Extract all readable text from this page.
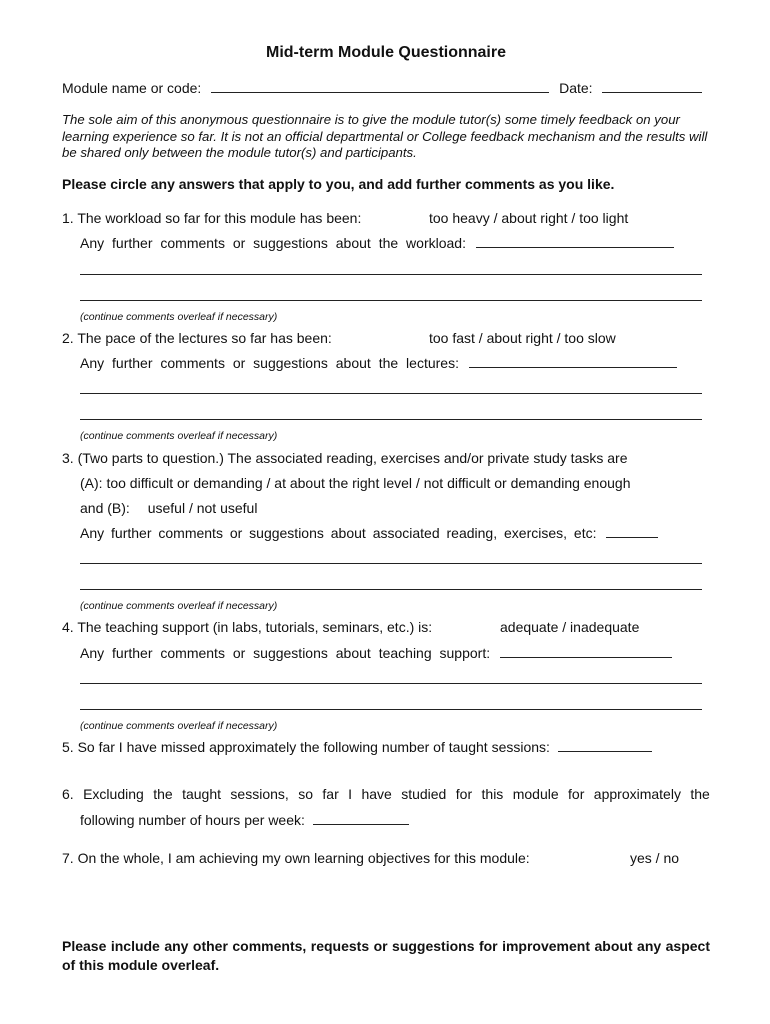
Mid-term Module Questionnaire
Module name or code:	Date:
The sole aim of this anonymous questionnaire is to give the module tutor(s) some timely feedback on your learning experience so far. It is not an official departmental or College feedback mechanism and the results will be shared only between the module tutor(s) and participants.
Please circle any answers that apply to you, and add further comments as you like.
1. The workload so far for this module has been:	too heavy / about right / too light
Any further comments or suggestions about the workload:
(continue comments overleaf if necessary)
2. The pace of the lectures so far has been:	too fast / about right / too slow
Any further comments or suggestions about the lectures:
(continue comments overleaf if necessary)
3. (Two parts to question.) The associated reading, exercises and/or private study tasks are
(A): too difficult or demanding / at about the right level / not difficult or demanding enough
and (B): useful / not useful
Any further comments or suggestions about associated reading, exercises, etc:
(continue comments overleaf if necessary)
4. The teaching support (in labs, tutorials, seminars, etc.) is:	adequate / inadequate
Any further comments or suggestions about teaching support:
(continue comments overleaf if necessary)
5. So far I have missed approximately the following number of taught sessions:
6. Excluding the taught sessions, so far I have studied for this module for approximately the
following number of hours per week:
7. On the whole, I am achieving my own learning objectives for this module:	yes / no
Please include any other comments, requests or suggestions for improvement about any aspect of this module overleaf.
